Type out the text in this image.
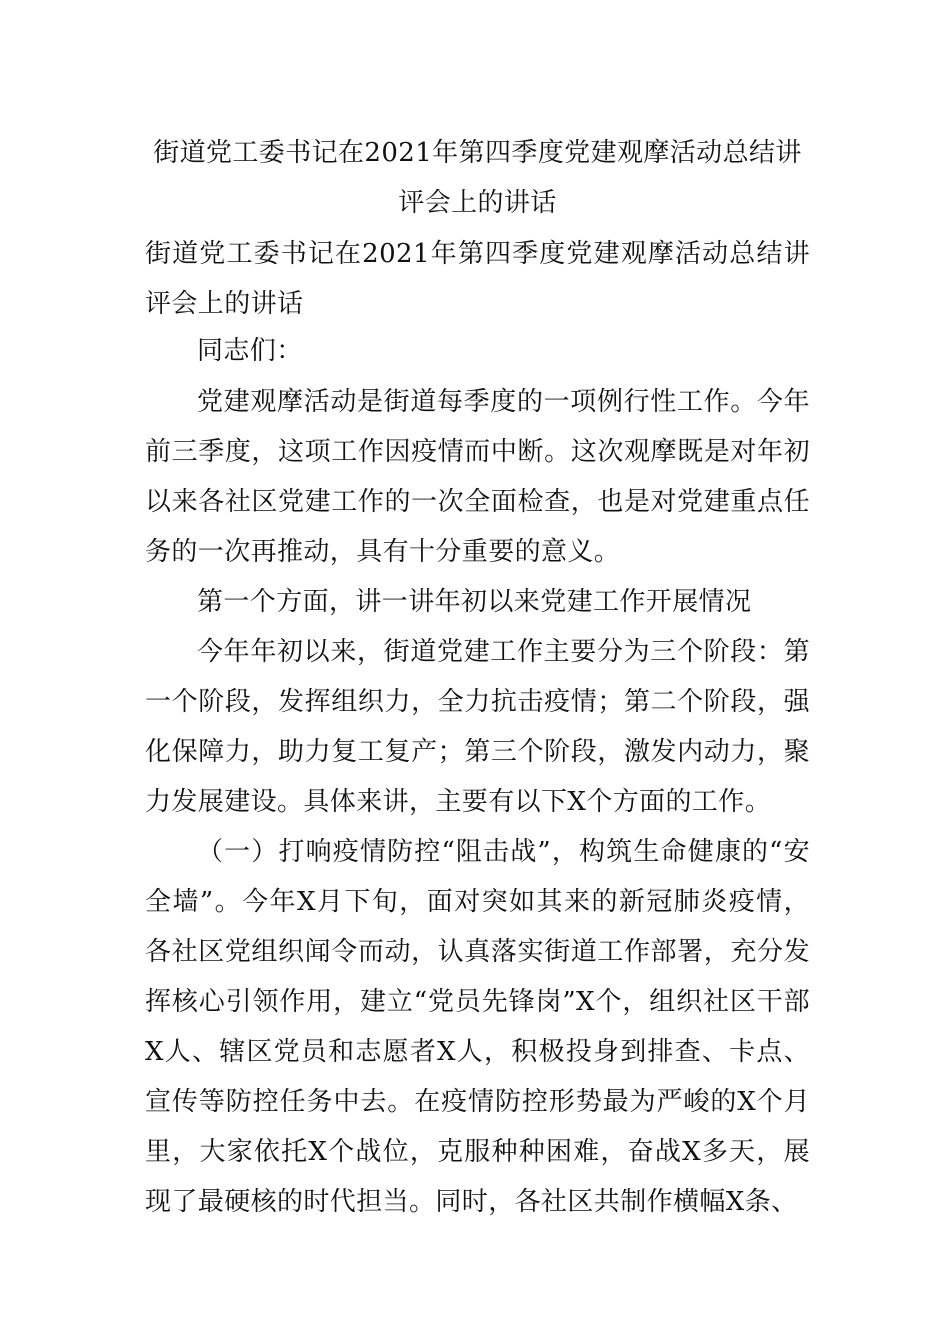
街道党工委书记在2021年第四季度党建观摩活动总结讲评会上的讲话
街道党工委书记在2021年第四季度党建观摩活动总结讲评会上的讲话

同志们：

党建观摩活动是街道每季度的一项例行性工作。今年前三季度，这项工作因疫情而中断。这次观摩既是对年初以来各社区党建工作的一次全面检查，也是对党建重点任务的一次再推动，具有十分重要的意义。

第一个方面，讲一讲年初以来党建工作开展情况

今年年初以来，街道党建工作主要分为三个阶段：第一个阶段，发挥组织力，全力抗击疫情；第二个阶段，强化保障力，助力复工复产；第三个阶段，激发内动力，聚力发展建设。具体来讲，主要有以下X个方面的工作。

（一）打响疫情防控“阻击战”，构筑生命健康的“安全墙”。今年X月下旬，面对突如其来的新冠肺炎疫情，各社区党组织闻令而动，认真落实街道工作部署，充分发挥核心引领作用，建立“党员先锋岗”X个，组织社区干部X人、辖区党员和志愿者X人，积极投身到排查、卡点、宣传等防控任务中去。在疫情防控形势最为严峻的X个月里，大家依托X个战位，克服种种困难，奋战X多天，展现了最硬核的时代担当。同时，各社区共制作横幅X条、
